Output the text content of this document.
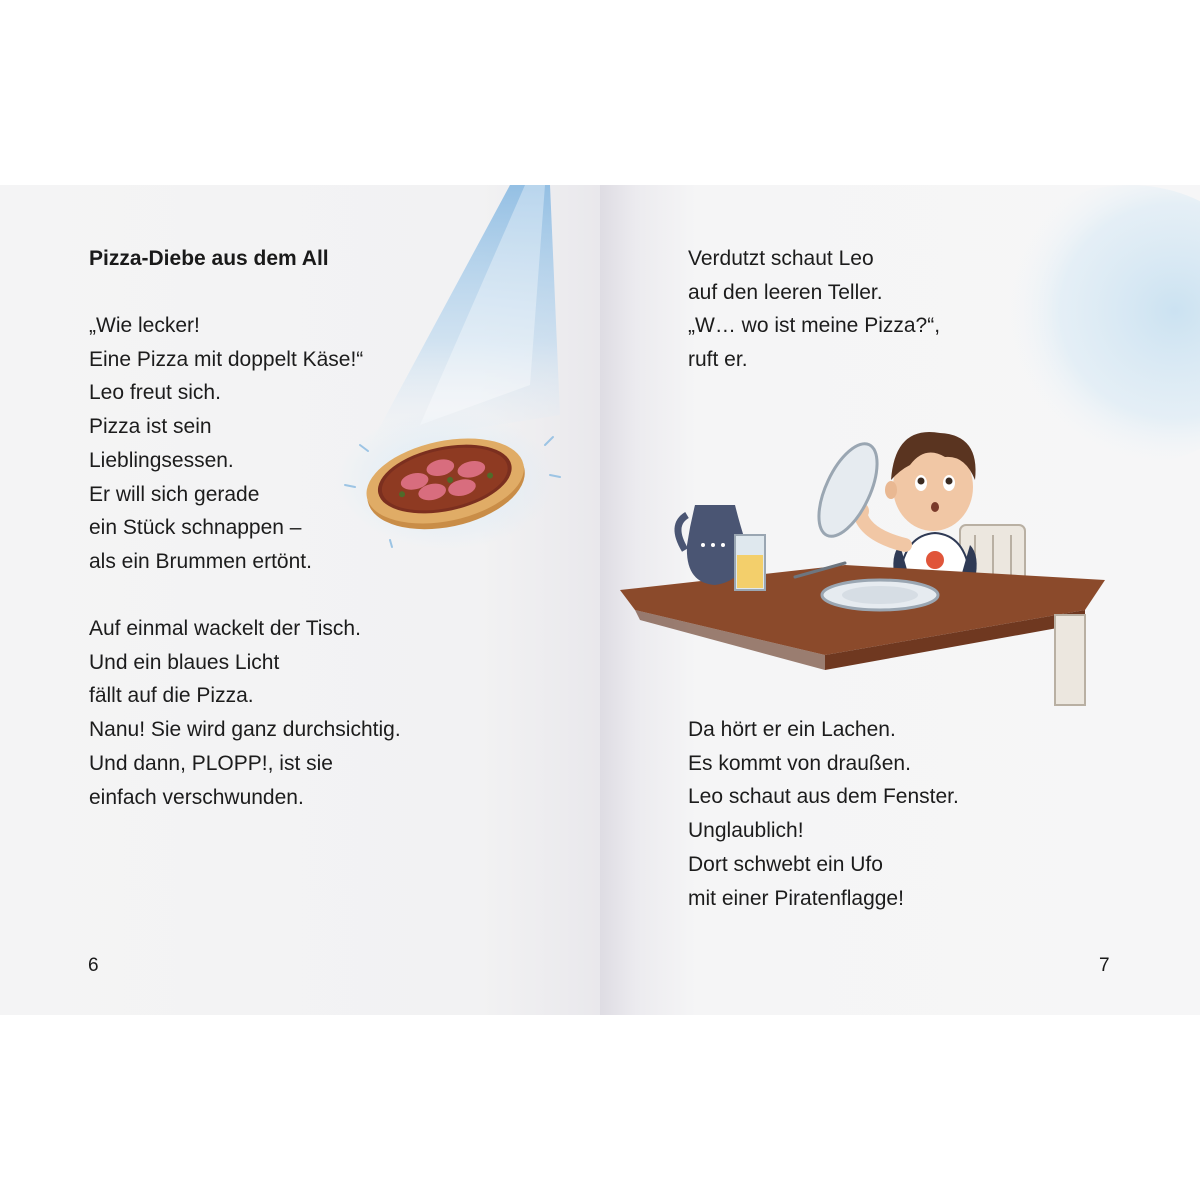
Pizza-Diebe aus dem All
„Wie lecker!
Eine Pizza mit doppelt Käse!“
Leo freut sich.
Pizza ist sein
Lieblingsessen.
Er will sich gerade
ein Stück schnappen –
als ein Brummen ertönt.
Auf einmal wackelt der Tisch.
Und ein blaues Licht
fällt auf die Pizza.
Nanu! Sie wird ganz durchsichtig.
Und dann, PLOPP!, ist sie
einfach verschwunden.
6
Verdutzt schaut Leo
auf den leeren Teller.
„W… wo ist meine Pizza?“,
ruft er.
Da hört er ein Lachen.
Es kommt von draußen.
Leo schaut aus dem Fenster.
Unglaublich!
Dort schwebt ein Ufo
mit einer Piratenflagge!
7
